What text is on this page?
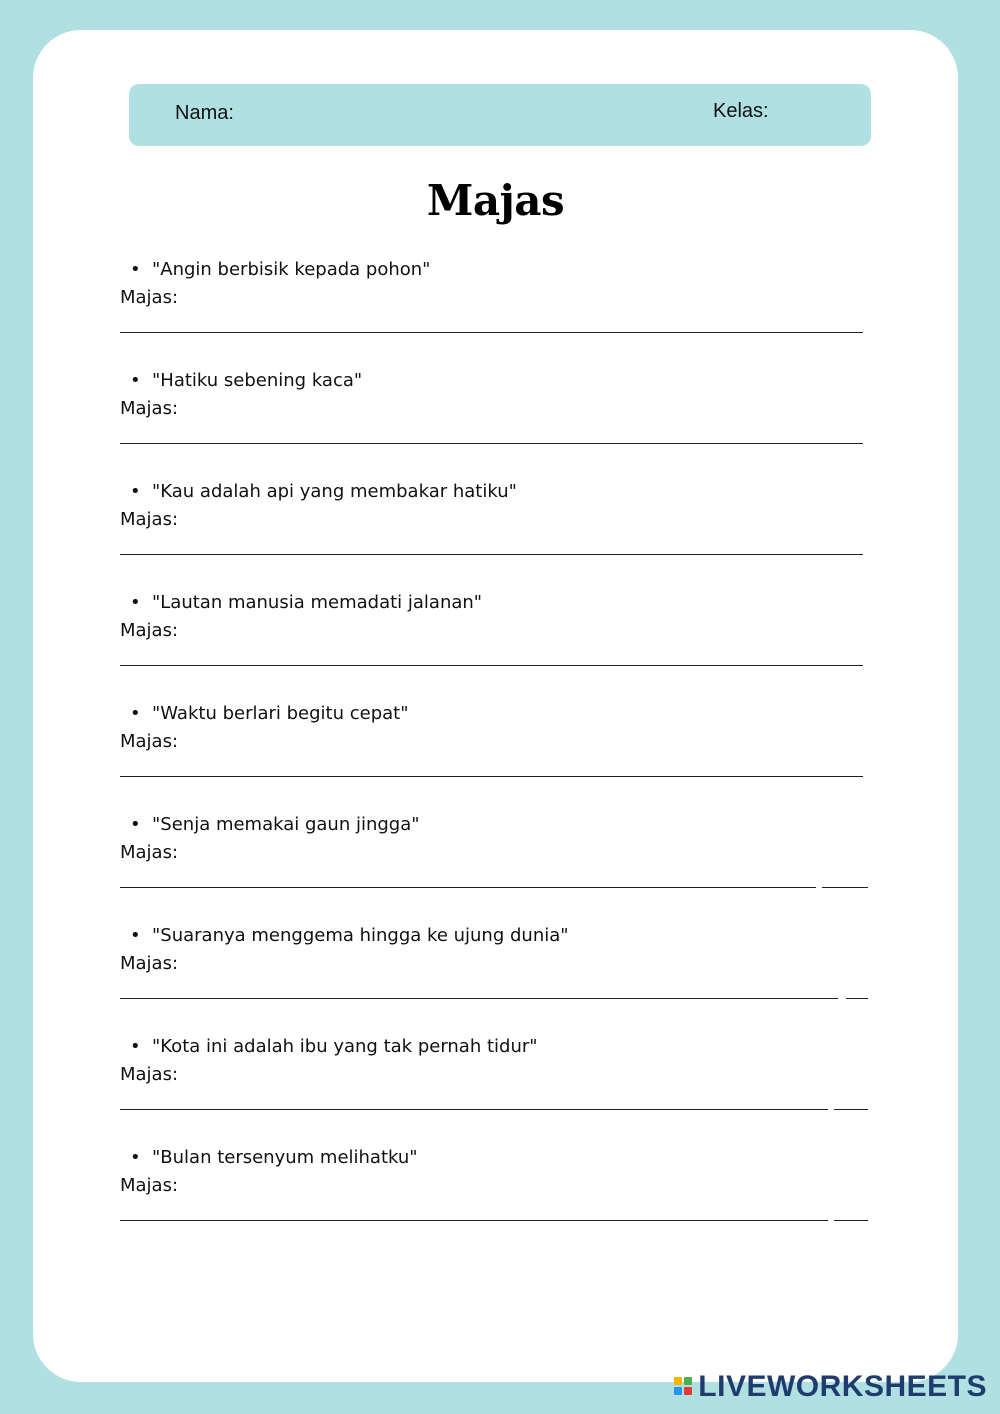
Nama:	Kelas:
Majas
• "Angin berbisik kepada pohon"
Majas:
• "Hatiku sebening kaca"
Majas:
• "Kau adalah api yang membakar hatiku"
Majas:
• "Lautan manusia memadati jalanan"
Majas:
• "Waktu berlari begitu cepat"
Majas:
• "Senja memakai gaun jingga"
Majas:
• "Suaranya menggema hingga ke ujung dunia"
Majas:
• "Kota ini adalah ibu yang tak pernah tidur"
Majas:
• "Bulan tersenyum melihatku"
Majas:
LIVEWORKSHEETS
